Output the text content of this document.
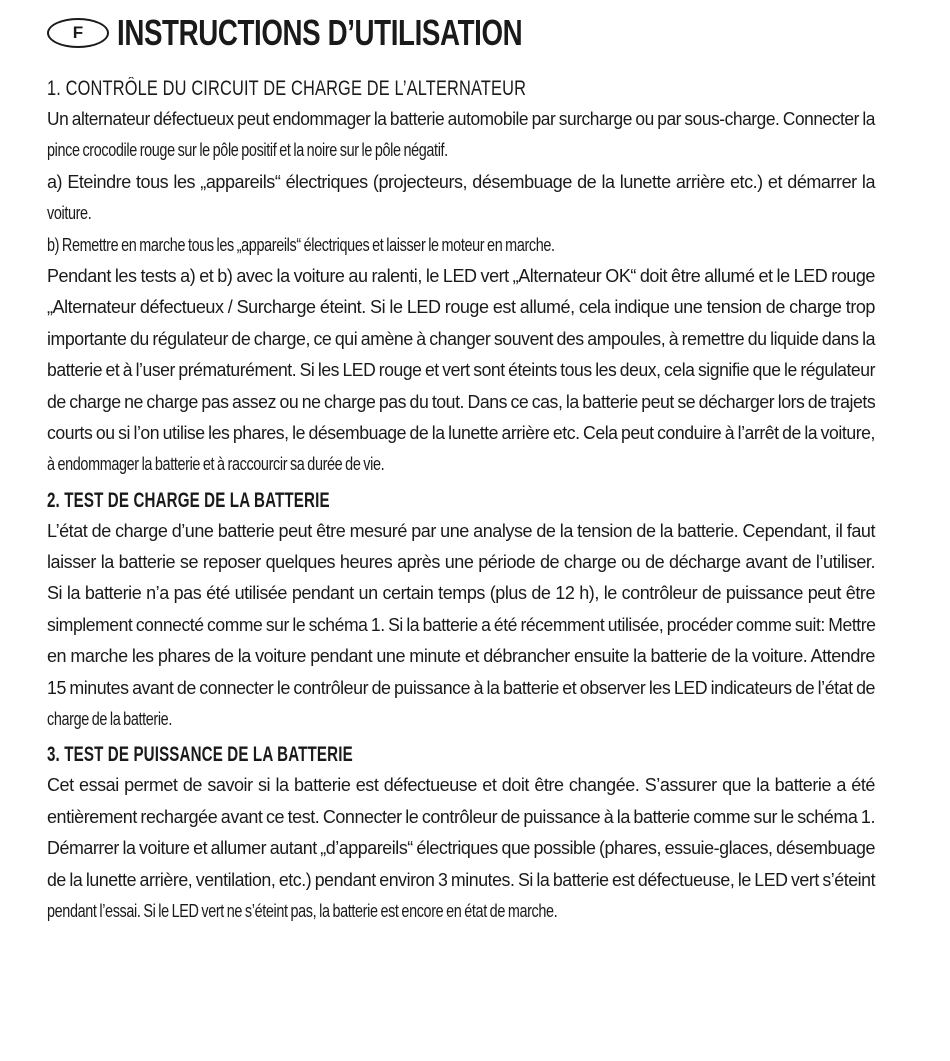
F INSTRUCTIONS D’UTILISATION
1. CONTRÔLE DU CIRCUIT DE CHARGE DE L’ALTERNATEUR
Un alternateur défectueux peut endommager la batterie automobile par surcharge ou par sous-charge. Connecter la
pince crocodile rouge sur le pôle positif et la noire sur le pôle négatif.
a) Eteindre tous les „appareils“ électriques (projecteurs, désembuage de la lunette arrière etc.) et démarrer la
voiture.
b) Remettre en marche tous les „appareils“ électriques et laisser le moteur en marche.
Pendant les tests a) et b) avec la voiture au ralenti, le LED vert „Alternateur OK“ doit être allumé et le LED rouge
„Alternateur défectueux / Surcharge éteint. Si le LED rouge est allumé, cela indique une tension de charge trop
importante du régulateur de charge, ce qui amène à changer souvent des ampoules, à remettre du liquide dans la
batterie et à l’user prématurément. Si les LED rouge et vert sont éteints tous les deux, cela signifie que le régulateur
de charge ne charge pas assez ou ne charge pas du tout. Dans ce cas, la batterie peut se décharger lors de trajets
courts ou si l’on utilise les phares, le désembuage de la lunette arrière etc. Cela peut conduire à l’arrêt de la voiture,
à endommager la batterie et à raccourcir sa durée de vie.
2. TEST DE CHARGE DE LA BATTERIE
L’état de charge d’une batterie peut être mesuré par une analyse de la tension de la batterie. Cependant, il faut
laisser la batterie se reposer quelques heures après une période de charge ou de décharge avant de l’utiliser.
Si la batterie n’a pas été utilisée pendant un certain temps (plus de 12 h), le contrôleur de puissance peut être
simplement connecté comme sur le schéma 1. Si la batterie a été récemment utilisée, procéder comme suit: Mettre
en marche les phares de la voiture pendant une minute et débrancher ensuite la batterie de la voiture. Attendre
15 minutes avant de connecter le contrôleur de puissance à la batterie et observer les LED indicateurs de l’état de
charge de la batterie.
3. TEST DE PUISSANCE DE LA BATTERIE
Cet essai permet de savoir si la batterie est défectueuse et doit être changée. S’assurer que la batterie a été
entièrement rechargée avant ce test. Connecter le contrôleur de puissance à la batterie comme sur le schéma 1.
Démarrer la voiture et allumer autant „d’appareils“ électriques que possible (phares, essuie-glaces, désembuage
de la lunette arrière, ventilation, etc.) pendant environ 3 minutes. Si la batterie est défectueuse, le LED vert s’éteint
pendant l’essai. Si le LED vert ne s’éteint pas, la batterie est encore en état de marche.
